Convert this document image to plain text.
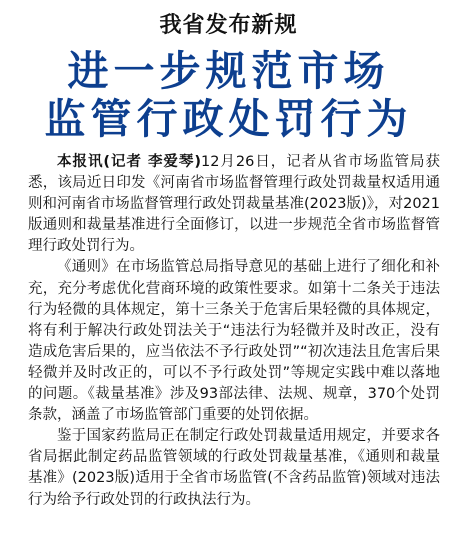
我省发布新规
进一步规范市场
监管行政处罚行为

本报讯(记者 李爱琴)12月26日，记者从省市场监管局获悉，该局近日印发《河南省市场监督管理行政处罚裁量权适用通则和河南省市场监督管理行政处罚裁量基准(2023版)》，对2021版通则和裁量基准进行全面修订，以进一步规范全省市场监督管理行政处罚行为。

《通则》在市场监管总局指导意见的基础上进行了细化和补充，充分考虑优化营商环境的政策性要求。如第十二条关于违法行为轻微的具体规定，第十三条关于危害后果轻微的具体规定，将有利于解决行政处罚法关于“违法行为轻微并及时改正，没有造成危害后果的，应当依法不予行政处罚”“初次违法且危害后果轻微并及时改正的，可以不予行政处罚”等规定实践中难以落地的问题。《裁量基准》涉及93部法律、法规、规章，370个处罚条款，涵盖了市场监管部门重要的处罚依据。

鉴于国家药监局正在制定行政处罚裁量适用规定，并要求各省局据此制定药品监管领域的行政处罚裁量基准，《通则和裁量基准》(2023版)适用于全省市场监管(不含药品监管)领域对违法行为给予行政处罚的行政执法行为。
